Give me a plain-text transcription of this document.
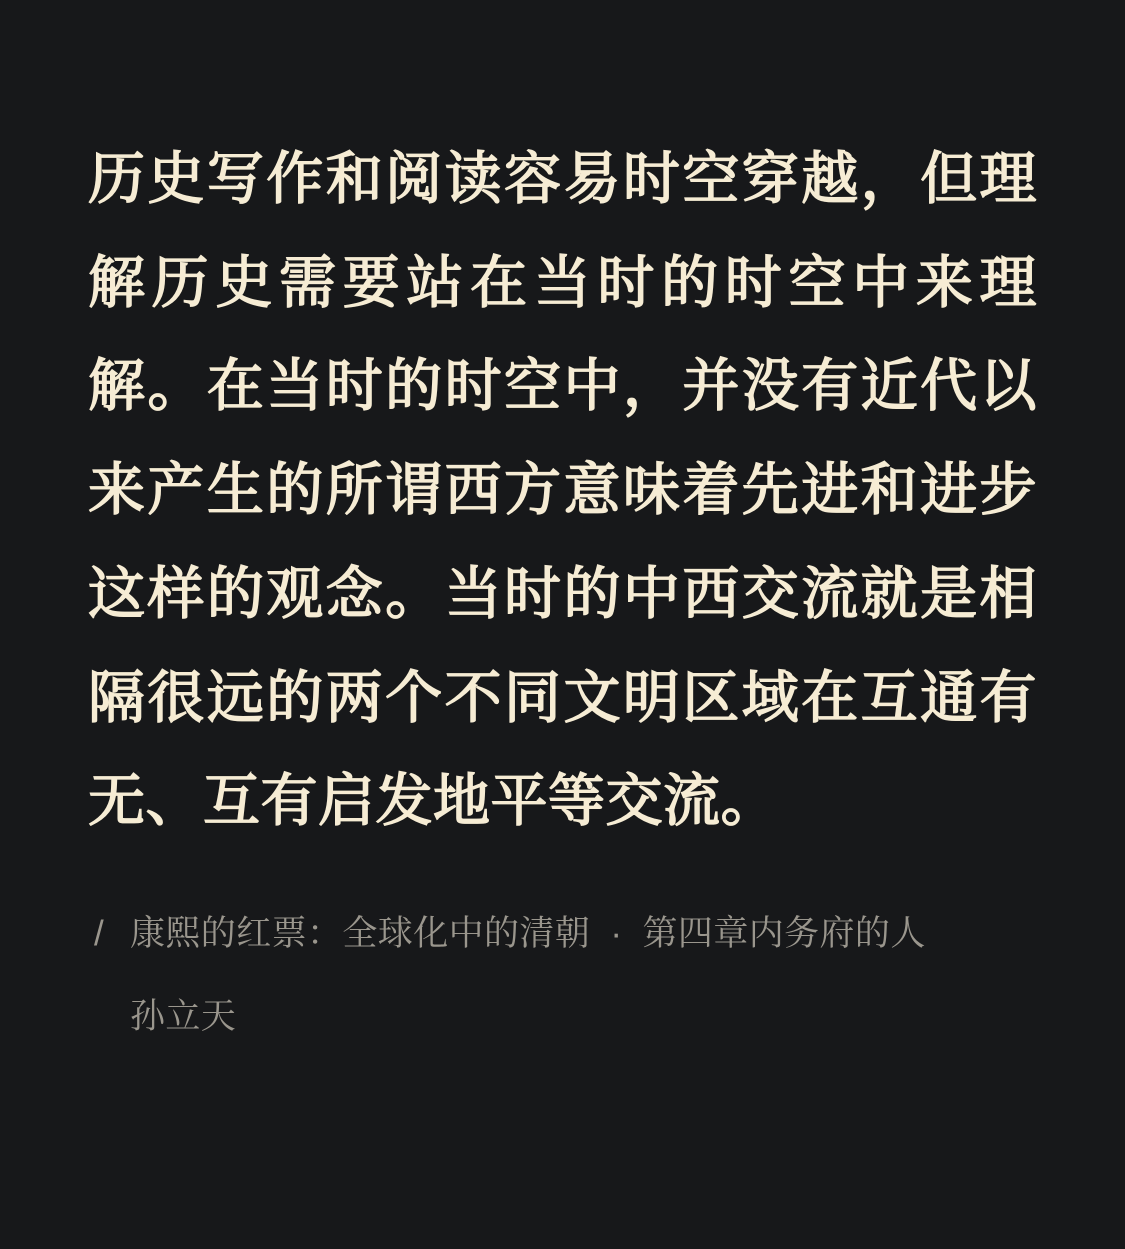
历史写作和阅读容易时空穿越，但理解历史需要站在当时的时空中来理解。在当时的时空中，并没有近代以来产生的所谓西方意味着先进和进步这样的观念。当时的中西交流就是相隔很远的两个不同文明区域在互通有无、互有启发地平等交流。

/ 康熙的红票：全球化中的清朝 · 第四章内务府的人
孙立天
